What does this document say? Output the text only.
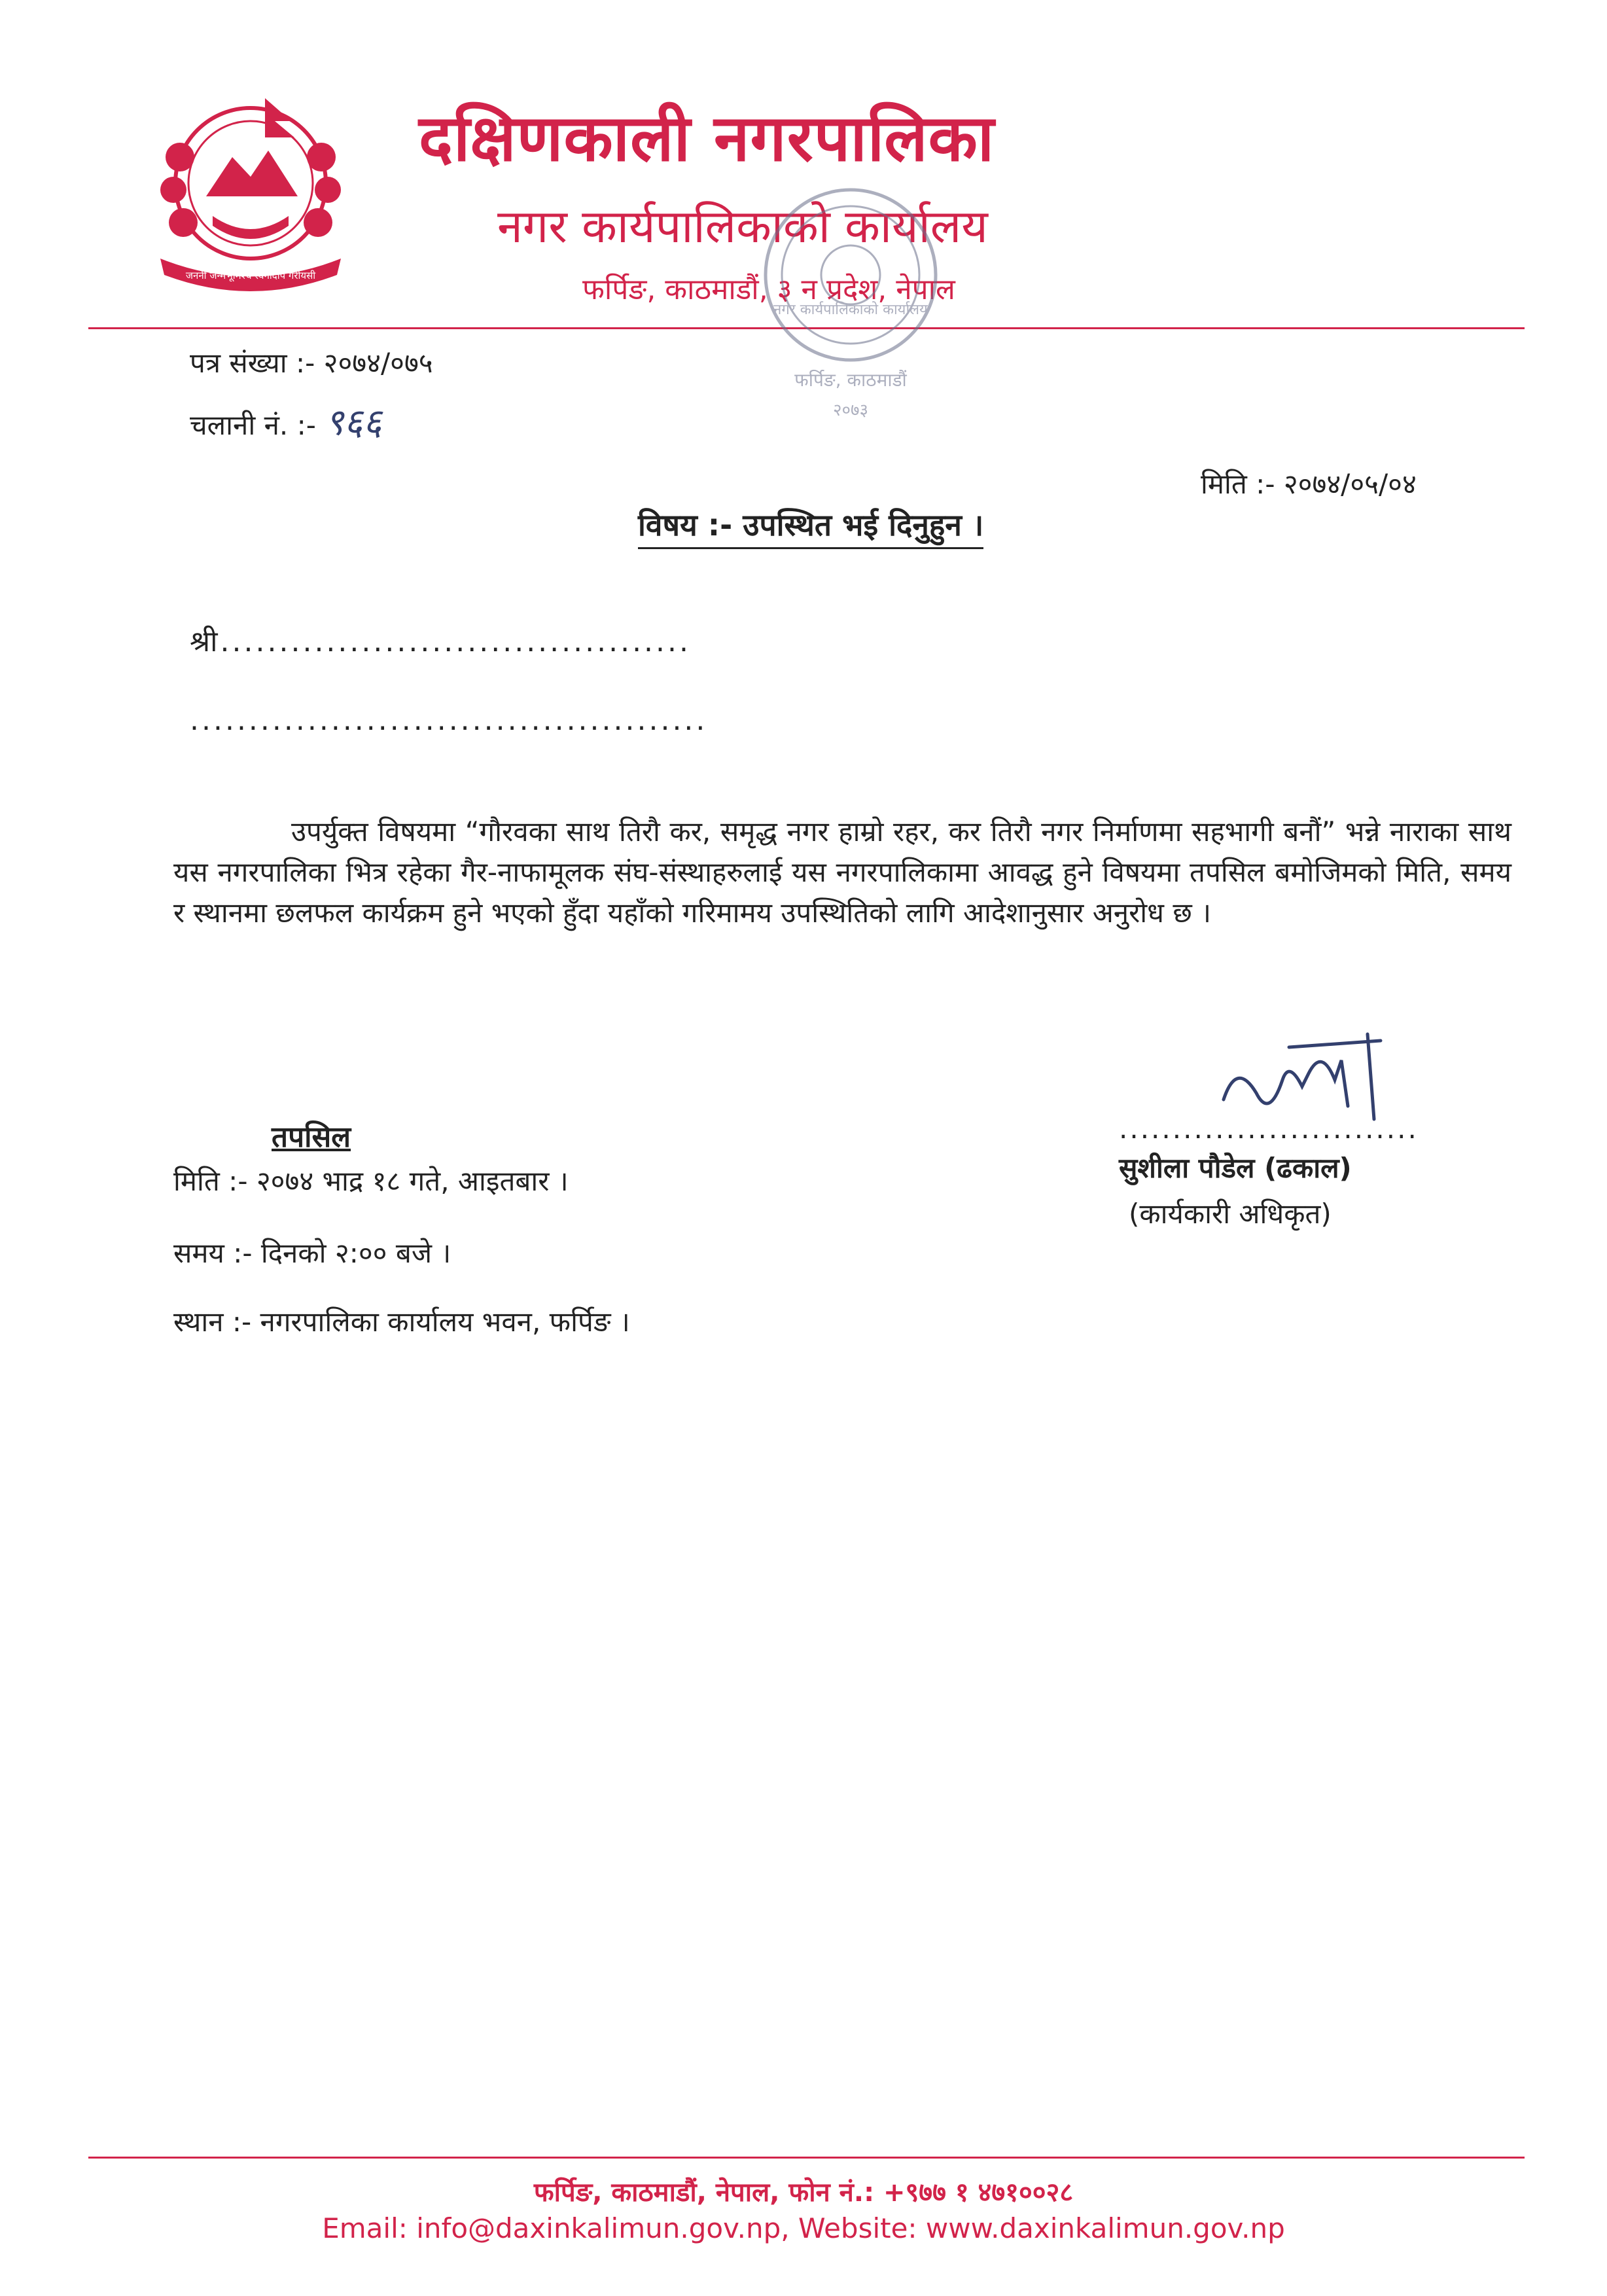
जननी जन्मभूमिश्च स्वर्गादपि गरीयसी
दक्षिणकाली नगरपालिका
नगर कार्यपालिकाको कार्यालय
फर्पिङ, काठमाडौं, ३ न प्रदेश, नेपाल
नगर कार्यपालिकाको कार्यालय
फर्पिङ, काठमाडौं
२०७३
पत्र संख्या :- २०७४/०७५
चलानी नं. :- ९६६
मिति :- २०७४/०५/०४
विषय :- उपस्थित भई दिनुहुन ।
श्री........................................
............................................
उपर्युक्त विषयमा “गौरवका साथ तिरौ कर, समृद्ध नगर हाम्रो रहर, कर तिरौ नगर निर्माणमा सहभागी बनौं” भन्ने नाराका साथ यस नगरपालिका भित्र रहेका गैर-नाफामूलक संघ-संस्थाहरुलाई यस नगरपालिकामा आवद्ध हुने विषयमा तपसिल बमोजिमको मिति, समय र स्थानमा छलफल कार्यक्रम हुने भएको हुँदा यहाँको गरिमामय उपस्थितिको लागि आदेशानुसार अनुरोध छ ।
............................
सुशीला पौडेल (ढकाल)
(कार्यकारी अधिकृत)
तपसिल
मिति :- २०७४ भाद्र १८ गते, आइतबार ।
समय :- दिनको २:०० बजे ।
स्थान :- नगरपालिका कार्यालय भवन, फर्पिङ ।
फर्पिङ, काठमाडौं, नेपाल, फोन नं.: +९७७ १ ४७१००२८
Email: info@daxinkalimun.gov.np, Website: www.daxinkalimun.gov.np
